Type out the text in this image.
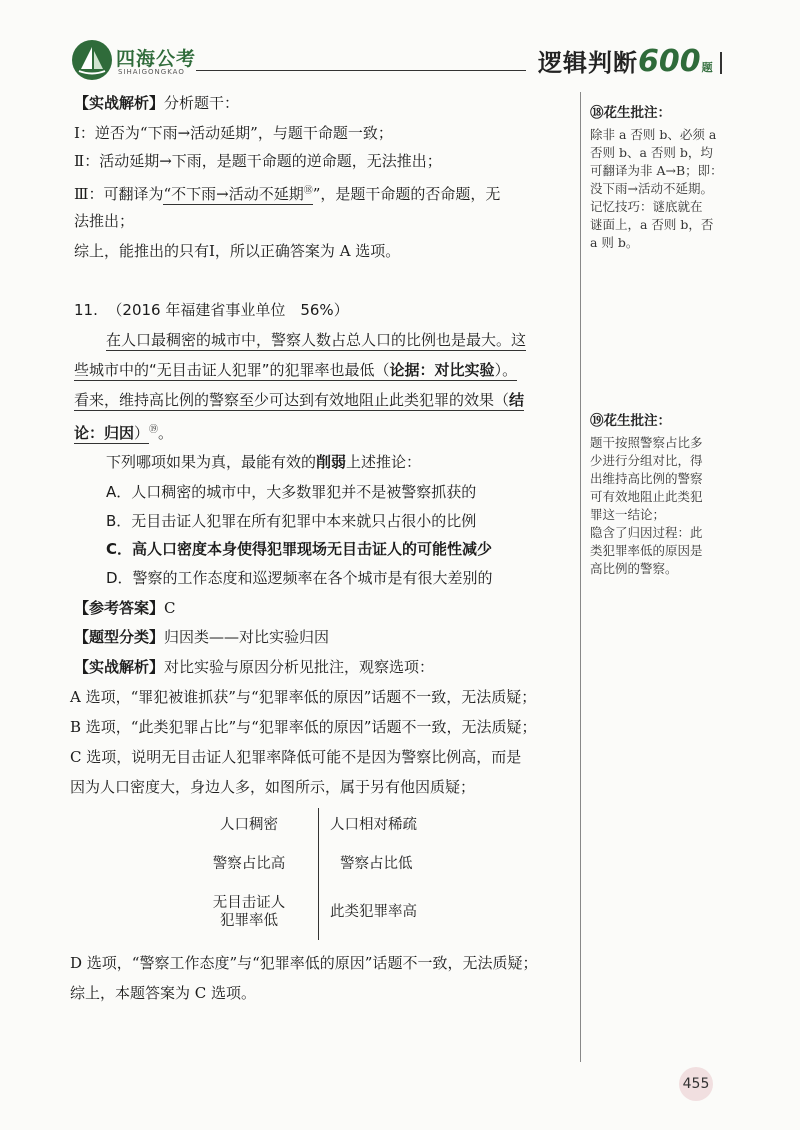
四海公考
SIHAIGONGKAO	逻辑判断600题
【实战解析】分析题干：
Ⅰ：逆否为“下雨→活动延期”，与题干命题一致；
Ⅱ：活动延期→下雨，是题干命题的逆命题，无法推出；
Ⅲ：可翻译为“不下雨→活动不延期⑱”，是题干命题的否命题，无
法推出；
综上，能推出的只有Ⅰ，所以正确答案为 A 选项。
11. （2016 年福建省事业单位　56%）
在人口最稠密的城市中，警察人数占总人口的比例也是最大。这
些城市中的“无目击证人犯罪”的犯罪率也最低（论据：对比实验）。
看来，维持高比例的警察至少可达到有效地阻止此类犯罪的效果（结
论：归因）⑲。
下列哪项如果为真，最能有效的削弱上述推论：
A．人口稠密的城市中，大多数罪犯并不是被警察抓获的
B．无目击证人犯罪在所有犯罪中本来就只占很小的比例
C．高人口密度本身使得犯罪现场无目击证人的可能性减少
D．警察的工作态度和巡逻频率在各个城市是有很大差别的
【参考答案】C
【题型分类】归因类——对比实验归因
【实战解析】对比实验与原因分析见批注，观察选项：
A 选项，“罪犯被谁抓获”与“犯罪率低的原因”话题不一致，无法质疑；
B 选项，“此类犯罪占比”与“犯罪率低的原因”话题不一致，无法质疑；
C 选项，说明无目击证人犯罪率降低可能不是因为警察比例高，而是
因为人口密度大，身边人多，如图所示，属于另有他因质疑；
D 选项，“警察工作态度”与“犯罪率低的原因”话题不一致，无法质疑；
综上，本题答案为 C 选项。
人口稠密
警察占比高
无目击证人
犯罪率低
人口相对稀疏
警察占比低
此类犯罪率高
⑱花生批注：
除非 a 否则 b、必须 a
否则 b、a 否则 b，均
可翻译为非 A→B；即：
没下雨→活动不延期。
记忆技巧：谜底就在
谜面上，a 否则 b，否
a 则 b。
⑲花生批注：
题干按照警察占比多
少进行分组对比，得
出维持高比例的警察
可有效地阻止此类犯
罪这一结论；
隐含了归因过程：此
类犯罪率低的原因是
高比例的警察。
455
